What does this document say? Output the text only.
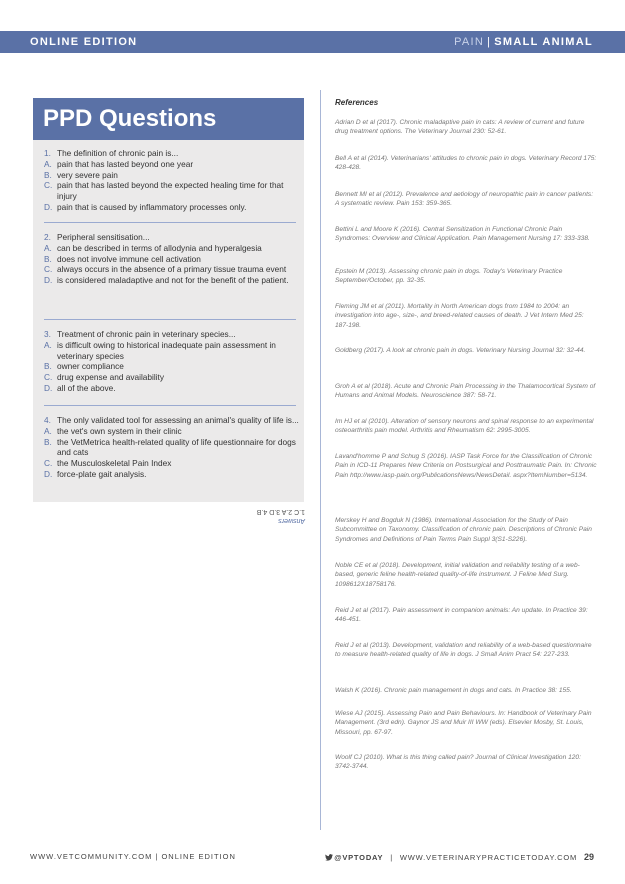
ONLINE EDITION	PAIN | SMALL ANIMAL
PPD Questions
1. The definition of chronic pain is...
A. pain that has lasted beyond one year
B. very severe pain
C. pain that has lasted beyond the expected healing time for that injury
D. pain that is caused by inflammatory processes only.
2. Peripheral sensitisation...
A. can be described in terms of allodynia and hyperalgesia
B. does not involve immune cell activation
C. always occurs in the absence of a primary tissue trauma event
D. is considered maladaptive and not for the benefit of the patient.
3. Treatment of chronic pain in veterinary species...
A. is difficult owing to historical inadequate pain assessment in veterinary species
B. owner compliance
C. drug expense and availability
D. all of the above.
4. The only validated tool for assessing an animal's quality of life is...
A. the vet's own system in their clinic
B. the VetMetrica health-related quality of life questionnaire for dogs and cats
C. the Musculoskeletal Pain Index
D. force-plate gait analysis.
Answers
1.C 2.A 3.D 4.B
References
Adrian D et al (2017). Chronic maladaptive pain in cats: A review of current and future drug treatment options. The Veterinary Journal 230: 52-61.
Bell A et al (2014). Veterinarians' attitudes to chronic pain in dogs. Veterinary Record 175: 428-428.
Bennett MI et al (2012). Prevalence and aetiology of neuropathic pain in cancer patients: A systematic review. Pain 153: 359-365.
Bettini L and Moore K (2016). Central Sensitization in Functional Chronic Pain Syndromes: Overview and Clinical Application. Pain Management Nursing 17: 333-338.
Epstein M (2013). Assessing chronic pain in dogs. Today's Veterinary Practice September/October, pp. 32-35.
Fleming JM et al (2011). Mortality in North American dogs from 1984 to 2004: an investigation into age-, size-, and breed-related causes of death. J Vet Intern Med 25: 187-198.
Goldberg (2017). A look at chronic pain in dogs. Veterinary Nursing Journal 32: 32-44.
Groh A et al (2018). Acute and Chronic Pain Processing in the Thalamocortical System of Humans and Animal Models. Neuroscience 387: 58-71.
Im HJ et al (2010). Alteration of sensory neurons and spinal response to an experimental osteoarthritis pain model. Arthritis and Rheumatism 62: 2995-3005.
Lavand'homme P and Schug S (2016). IASP Task Force for the Classification of Chronic Pain in ICD-11 Prepares New Criteria on Postsurgical and Posttraumatic Pain. In: Chronic Pain http://www.iasp-pain.org/PublicationsNews/NewsDetail. aspx?ItemNumber=5134.
Merskey H and Bogduk N (1986). International Association for the Study of Pain Subcommittee on Taxonomy. Classification of chronic pain. Descriptions of Chronic Pain Syndromes and Definitions of Pain Terms Pain Suppl 3(S1-S226).
Noble CE et al (2018). Development, initial validation and reliability testing of a web-based, generic feline health-related quality-of-life instrument. J Feline Med Surg. 1098612X18758176.
Reid J et al (2017). Pain assessment in companion animals: An update. In Practice 39: 446-451.
Reid J et al (2013). Development, validation and reliability of a web-based questionnaire to measure health-related quality of life in dogs. J Small Anim Pract 54: 227-233.
Walsh K (2016). Chronic pain management in dogs and cats. In Practice 38: 155.
Wiese AJ (2015). Assessing Pain and Pain Behaviours. In: Handbook of Veterinary Pain Management. (3rd edn). Gaynor JS and Muir III WW (eds). Elsevier Mosby, St. Louis, Missouri, pp. 67-97.
Woolf CJ (2010). What is this thing called pain? Journal of Clinical Investigation 120: 3742-3744.
WWW.VETCOMMUNITY.COM | ONLINE EDITION	@VPTODAY | WWW.VETERINARYPRACTICETODAY.COM 29
